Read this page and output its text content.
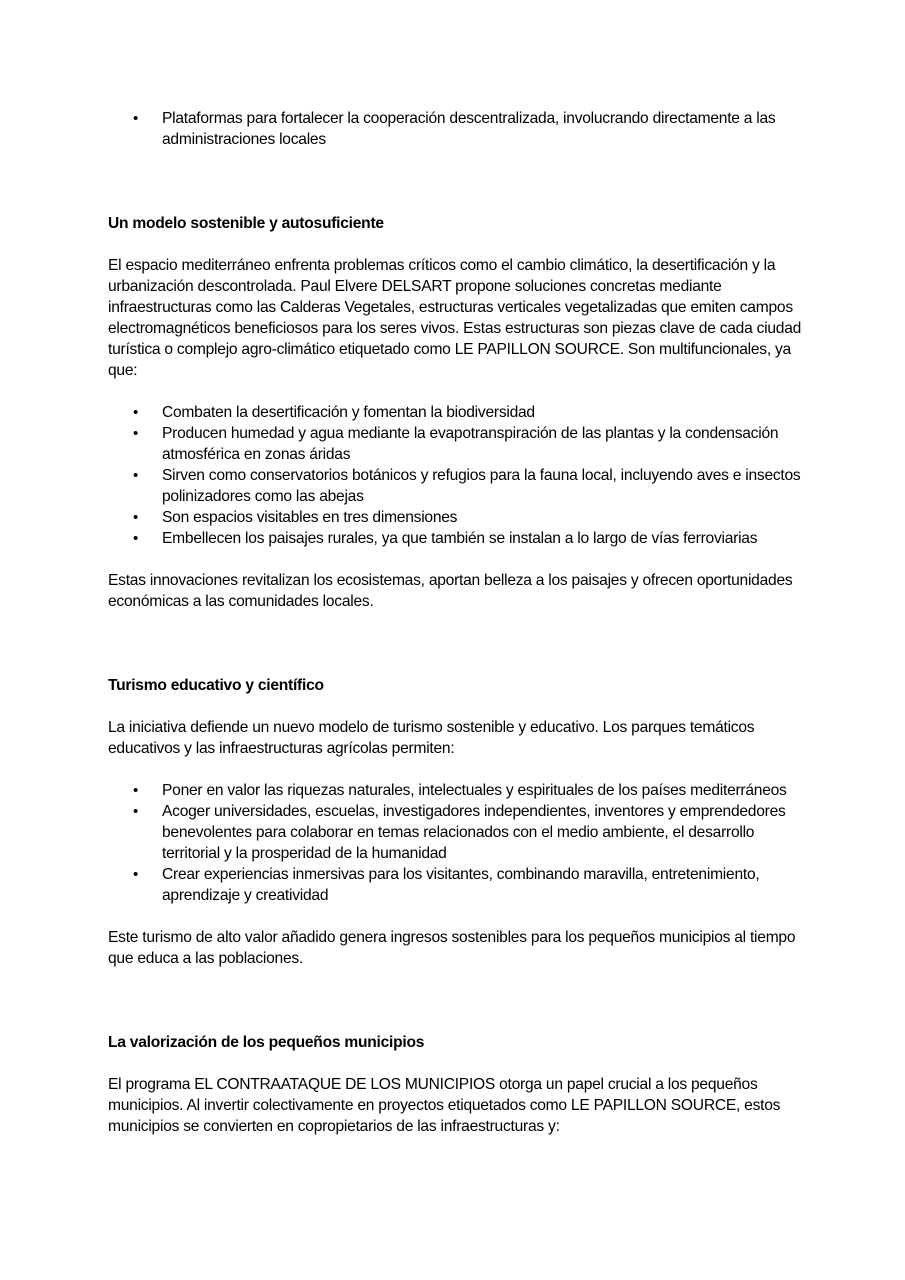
• Plataformas para fortalecer la cooperación descentralizada, involucrando directamente a las administraciones locales
Un modelo sostenible y autosuficiente

El espacio mediterráneo enfrenta problemas críticos como el cambio climático, la desertificación y la urbanización descontrolada. Paul Elvere DELSART propone soluciones concretas mediante infraestructuras como las Calderas Vegetales, estructuras verticales vegetalizadas que emiten campos electromagnéticos beneficiosos para los seres vivos. Estas estructuras son piezas clave de cada ciudad turística o complejo agro-climático etiquetado como LE PAPILLON SOURCE. Son multifuncionales, ya que:

• Combaten la desertificación y fomentan la biodiversidad
• Producen humedad y agua mediante la evapotranspiración de las plantas y la condensación atmosférica en zonas áridas
• Sirven como conservatorios botánicos y refugios para la fauna local, incluyendo aves e insectos polinizadores como las abejas
• Son espacios visitables en tres dimensiones
• Embellecen los paisajes rurales, ya que también se instalan a lo largo de vías ferroviarias

Estas innovaciones revitalizan los ecosistemas, aportan belleza a los paisajes y ofrecen oportunidades económicas a las comunidades locales.

Turismo educativo y científico

La iniciativa defiende un nuevo modelo de turismo sostenible y educativo. Los parques temáticos educativos y las infraestructuras agrícolas permiten:

• Poner en valor las riquezas naturales, intelectuales y espirituales de los países mediterráneos
• Acoger universidades, escuelas, investigadores independientes, inventores y emprendedores benevolentes para colaborar en temas relacionados con el medio ambiente, el desarrollo territorial y la prosperidad de la humanidad
• Crear experiencias inmersivas para los visitantes, combinando maravilla, entretenimiento, aprendizaje y creatividad

Este turismo de alto valor añadido genera ingresos sostenibles para los pequeños municipios al tiempo que educa a las poblaciones.

La valorización de los pequeños municipios

El programa EL CONTRAATAQUE DE LOS MUNICIPIOS otorga un papel crucial a los pequeños municipios. Al invertir colectivamente en proyectos etiquetados como LE PAPILLON SOURCE, estos municipios se convierten en copropietarios de las infraestructuras y:
